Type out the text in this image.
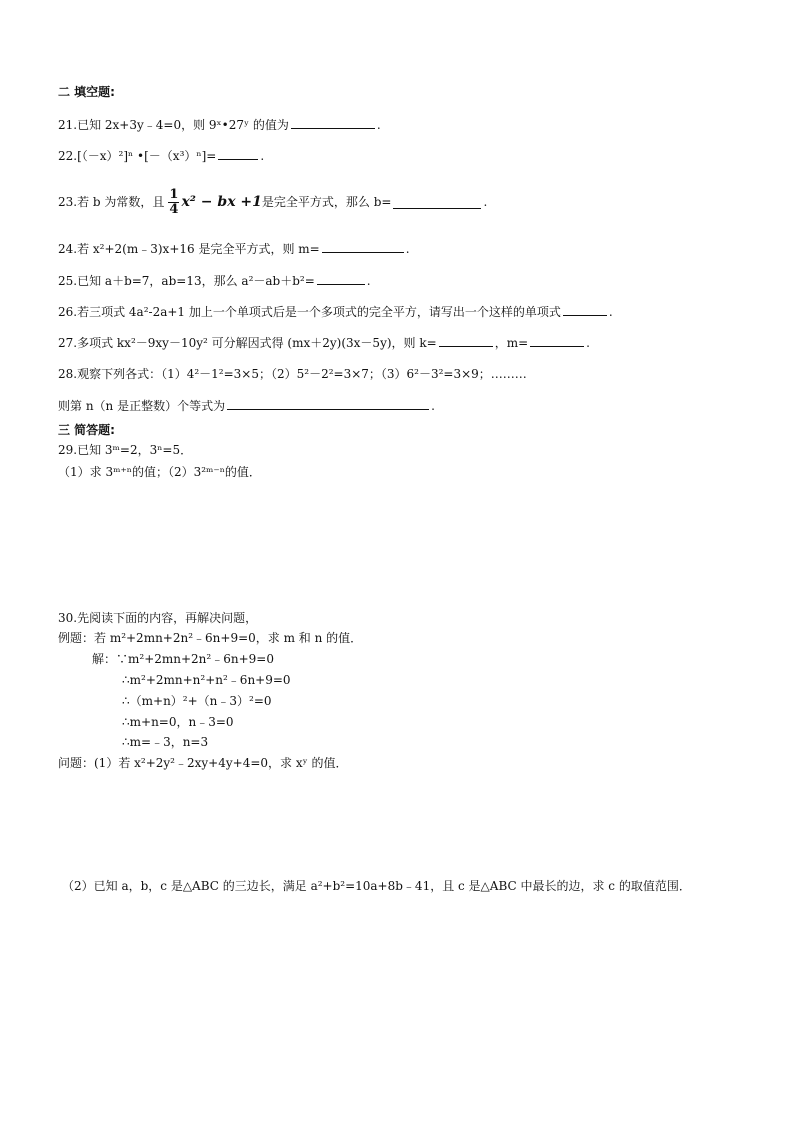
二 填空题:
21.已知 2x+3y﹣4=0，则 9ˣ•27ʸ 的值为	.
22.[（－x）²]ⁿ •[－（x³）ⁿ]=	.
23. 若 b 为常数，且 $\frac{1}{4} x^2$ − bx +1 是完全平方式，那么 b=	.
24.若 x²+2(m﹣3)x+16 是完全平方式，则 m=	.
25.已知 a＋b=7，ab=13，那么 a²－ab＋b²=	.
26.若三项式 4a²-2a+1 加上一个单项式后是一个多项式的完全平方，请写出一个这样的单项式	.
27.多项式 kx²－9xy－10y² 可分解因式得 (mx＋2y)(3x－5y)，则 k=	，m=	.
28.观察下列各式：（1）4²－1²=3×5；（2）5²－2²=3×7；（3）6²－3²=3×9；………
则第 n（n 是正整数）个等式为	.
三 简答题:
29.已知 3ᵐ=2，3ⁿ=5．
（1）求 3ᵐ⁺ⁿ的值；（2）3²ᵐ⁻ⁿ的值．
30.先阅读下面的内容，再解决问题，
例题：若 m²+2mn+2n²﹣6n+9=0，求 m 和 n 的值．
解：∵m²+2mn+2n²﹣6n+9=0
∴m²+2mn+n²+n²﹣6n+9=0
∴（m+n）²+（n﹣3）²=0
∴m+n=0，n﹣3=0
∴m=﹣3，n=3
问题：(1）若 x²+2y²﹣2xy+4y+4=0，求 xʸ 的值．
（2）已知 a，b，c 是△ABC 的三边长，满足 a²+b²=10a+8b﹣41，且 c 是△ABC 中最长的边，求 c 的取值范围．
